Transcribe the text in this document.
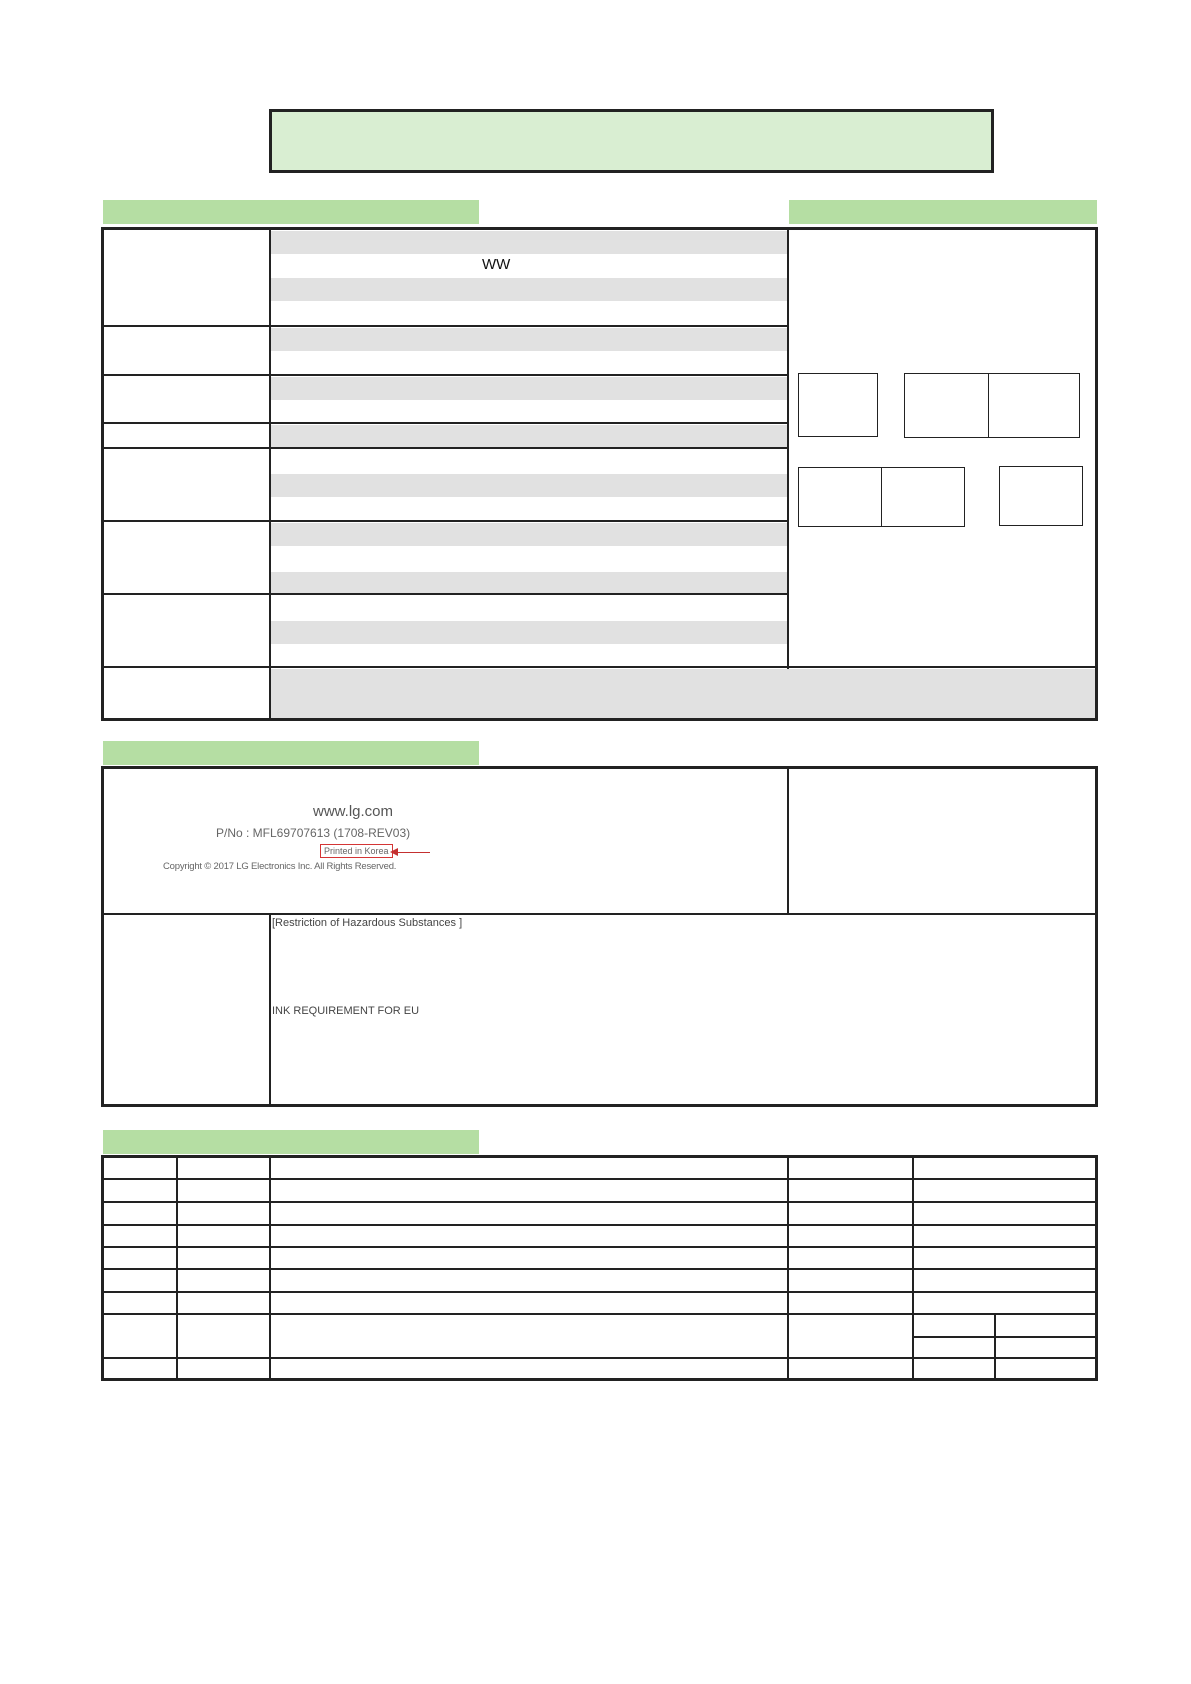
WW
www.lg.com
P/No : MFL69707613 (1708-REV03)
Printed in Korea
Copyright © 2017 LG Electronics Inc. All Rights Reserved.
[Restriction of Hazardous Substances ]
INK REQUIREMENT FOR EU
